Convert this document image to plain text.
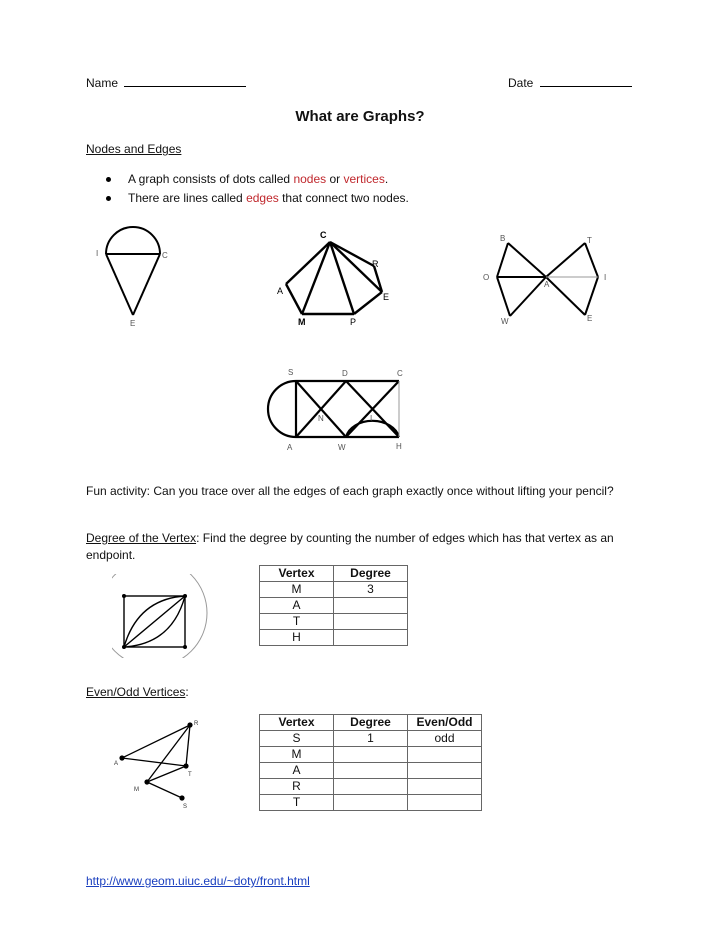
Name	Date
What are Graphs?
Nodes and Edges
A graph consists of dots called nodes or vertices.
There are lines called edges that connect two nodes.
I	C
E
C
R
A
E
M	P
B	T
O	I
A
W	E
S	D	C
N	I
A	W	H
Fun activity: Can you trace over all the edges of each graph exactly once without lifting your pencil?
Degree of the Vertex: Find the degree by counting the number of edges which has that vertex as an
endpoint.
Vertex	Degree
M	3
A	
T	
H	
Even/Odd Vertices:
R
A
T
M
S
Vertex	Degree	Even/Odd
S	1	odd
M		
A		
R		
T		
http://www.geom.uiuc.edu/~doty/front.html
